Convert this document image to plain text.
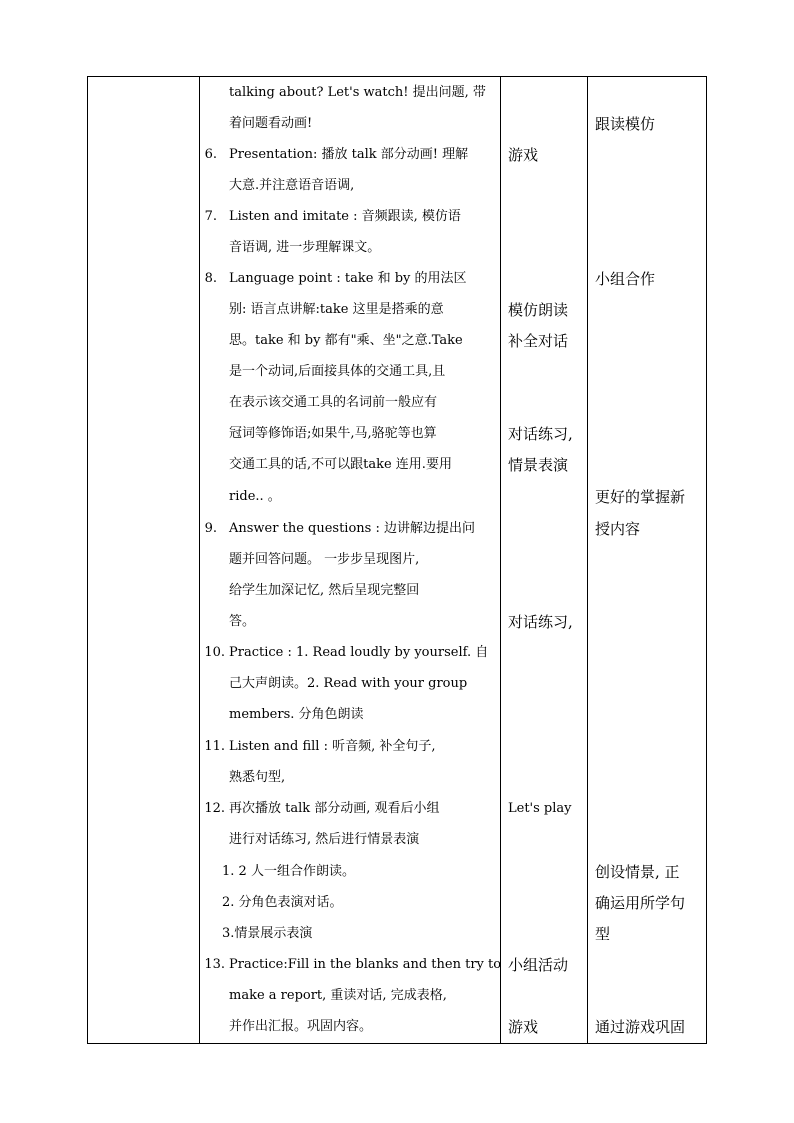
talking about? Let's watch! 提出问题, 带
着问题看动画!
6. Presentation: 播放 talk 部分动画! 理解
大意.并注意语音语调,
7. Listen and imitate : 音频跟读, 模仿语
音语调, 进一步理解课文。
8. Language point : take 和 by 的用法区
别: 语言点讲解:take 这里是搭乘的意
思。take 和 by 都有"乘、坐"之意.Take
是一个动词,后面接具体的交通工具,且
在表示该交通工具的名词前一般应有
冠词等修饰语;如果牛,马,骆驼等也算
交通工具的话,不可以跟take 连用.要用
ride.. 。
9. Answer the questions : 边讲解边提出问
题并回答问题。 一步步呈现图片,
给学生加深记忆, 然后呈现完整回
答。
10. Practice : 1. Read loudly by yourself. 自
己大声朗读。2. Read with your group
members. 分角色朗读
11. Listen and fill : 听音频, 补全句子,
熟悉句型,
12. 再次播放 talk 部分动画, 观看后小组
进行对话练习, 然后进行情景表演
1. 2 人一组合作朗读。
2. 分角色表演对话。
3.情景展示表演
13. Practice:Fill in the blanks and then try to
make a report, 重读对话, 完成表格,
并作出汇报。巩固内容。
游戏
模仿朗读
补全对话
对话练习,
情景表演
对话练习,
Let's play
小组活动
游戏
跟读模仿
小组合作
更好的掌握新
授内容
创设情景, 正
确运用所学句
型
通过游戏巩固
